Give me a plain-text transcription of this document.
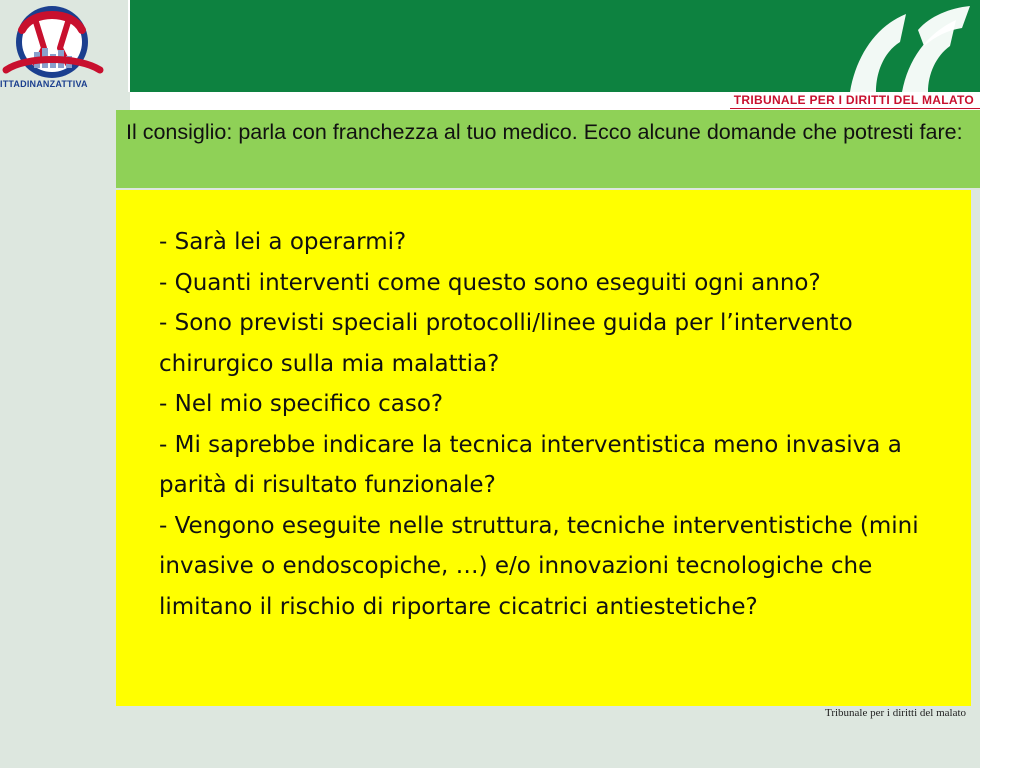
ITTADINANZATTIVA
TRIBUNALE PER I DIRITTI DEL MALATO
Il consiglio: parla con franchezza al tuo medico. Ecco alcune domande che potresti fare:
- Sarà lei a operarmi?
- Quanti interventi come questo sono eseguiti ogni anno?
- Sono previsti speciali protocolli/linee guida per l’intervento chirurgico sulla mia malattia?
- Nel mio specifico caso?
- Mi saprebbe indicare la tecnica interventistica meno invasiva a parità di risultato funzionale?
- Vengono eseguite nelle struttura, tecniche interventistiche (mini invasive o endoscopiche, …) e/o innovazioni tecnologiche che limitano il rischio di riportare cicatrici antiestetiche?
Tribunale per i diritti del malato
